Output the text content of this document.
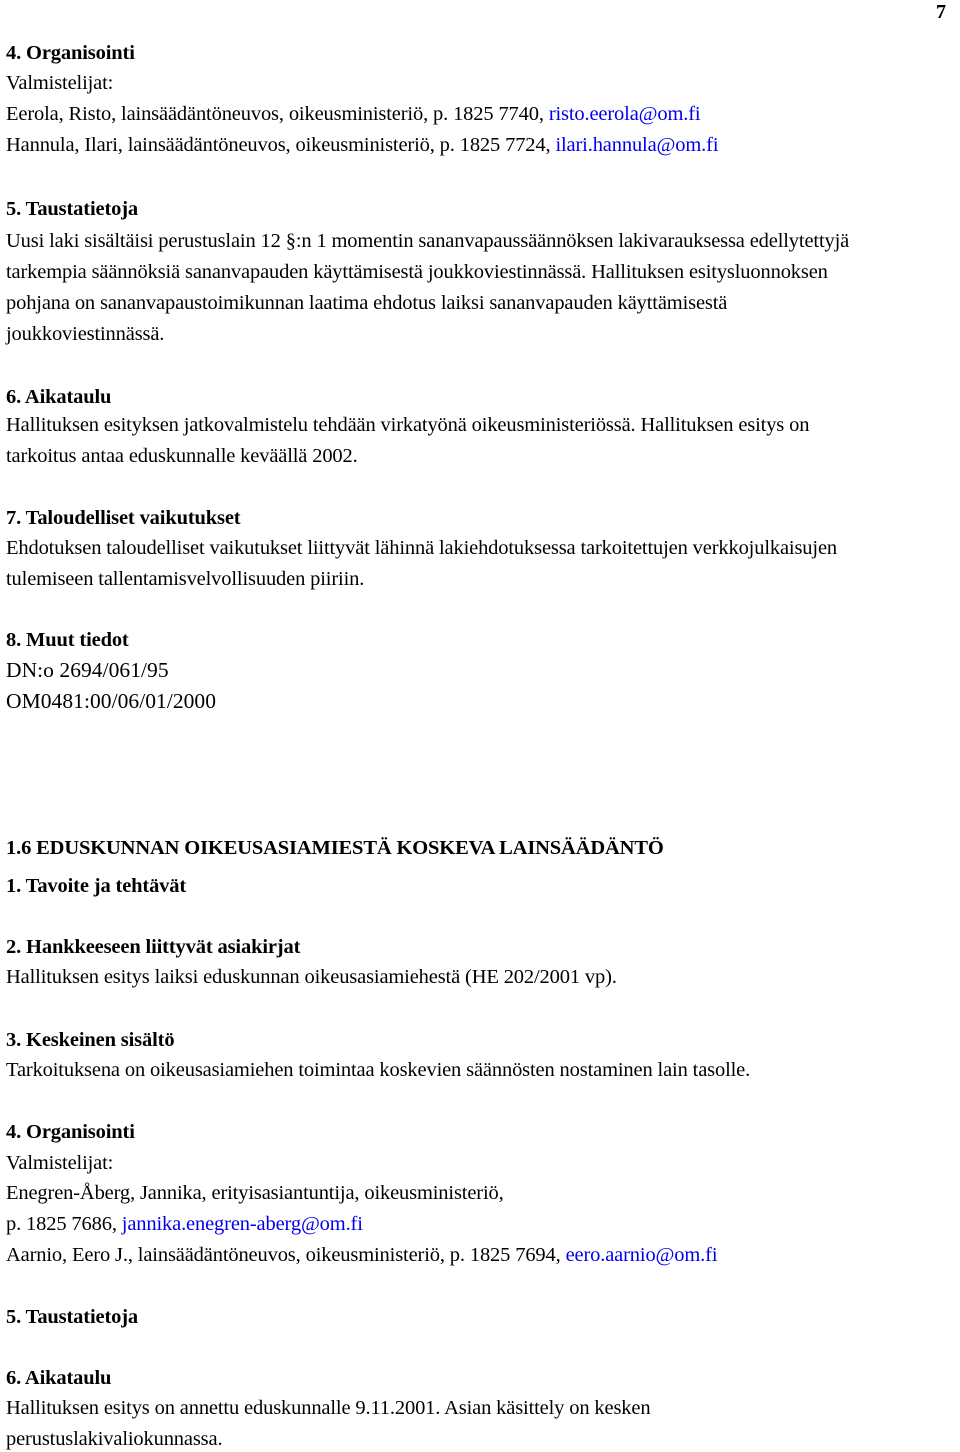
7
4. Organisointi
Valmistelijat:
Eerola, Risto, lainsäädäntöneuvos, oikeusministeriö, p. 1825 7740, risto.eerola@om.fi
Hannula, Ilari, lainsäädäntöneuvos, oikeusministeriö, p. 1825 7724, ilari.hannula@om.fi
5. Taustatietoja
Uusi laki sisältäisi perustuslain 12 §:n 1 momentin sananvapaussäännöksen lakivarauksessa edellytettyjä
tarkempia säännöksiä sananvapauden käyttämisestä joukkoviestinnässä. Hallituksen esitysluonnoksen
pohjana on sananvapaustoimikunnan laatima ehdotus laiksi sananvapauden käyttämisestä
joukkoviestinnässä.
6. Aikataulu
Hallituksen esityksen jatkovalmistelu tehdään virkatyönä oikeusministeriössä. Hallituksen esitys on
tarkoitus antaa eduskunnalle keväällä 2002.
7. Taloudelliset vaikutukset
Ehdotuksen taloudelliset vaikutukset liittyvät lähinnä lakiehdotuksessa tarkoitettujen verkkojulkaisujen
tulemiseen tallentamisvelvollisuuden piiriin.
8. Muut tiedot
DN:o 2694/061/95
OM0481:00/06/01/2000
1.6 EDUSKUNNAN OIKEUSASIAMIESTÄ KOSKEVA LAINSÄÄDÄNTÖ
1. Tavoite ja tehtävät
2. Hankkeeseen liittyvät asiakirjat
Hallituksen esitys laiksi eduskunnan oikeusasiamiehestä (HE 202/2001 vp).
3. Keskeinen sisältö
Tarkoituksena on oikeusasiamiehen toimintaa koskevien säännösten nostaminen lain tasolle.
4. Organisointi
Valmistelijat:
Enegren-Åberg, Jannika, erityisasiantuntija, oikeusministeriö,
p. 1825 7686, jannika.enegren-aberg@om.fi
Aarnio, Eero J., lainsäädäntöneuvos, oikeusministeriö, p. 1825 7694, eero.aarnio@om.fi
5. Taustatietoja
6. Aikataulu
Hallituksen esitys on annettu eduskunnalle 9.11.2001. Asian käsittely on kesken
perustuslakivaliokunnassa.
